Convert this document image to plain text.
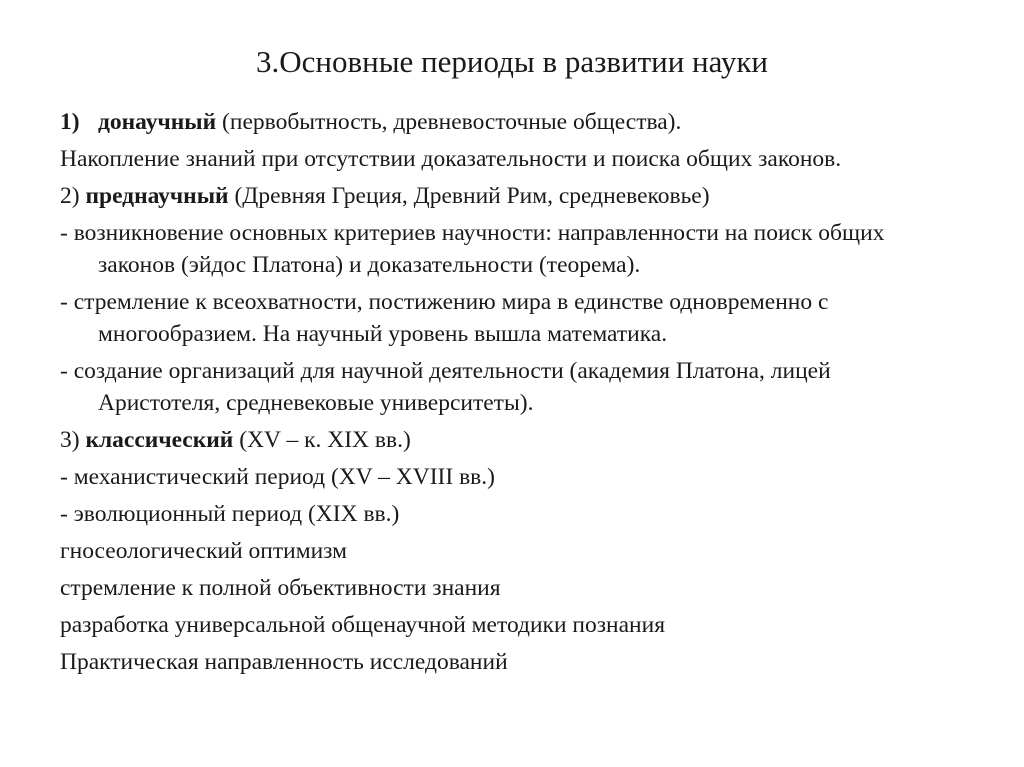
3.Основные периоды в развитии науки
1) донаучный (первобытность, древневосточные общества).
Накопление знаний при отсутствии доказательности и поиска общих законов.
2) преднаучный (Древняя Греция, Древний Рим, средневековье)
- возникновение основных критериев научности: направленности на поиск общих
законов (эйдос Платона) и доказательности (теорема).
- стремление к всеохватности, постижению мира в единстве одновременно с
многообразием. На научный уровень вышла математика.
- создание организаций для научной деятельности (академия Платона, лицей
Аристотеля, средневековые университеты).
3) классический (XV – к. XIX вв.)
- механистический период (XV – XVIII вв.)
- эволюционный период (XIX вв.)
гносеологический оптимизм
стремление к полной объективности знания
разработка универсальной общенаучной методики познания
Практическая направленность исследований
